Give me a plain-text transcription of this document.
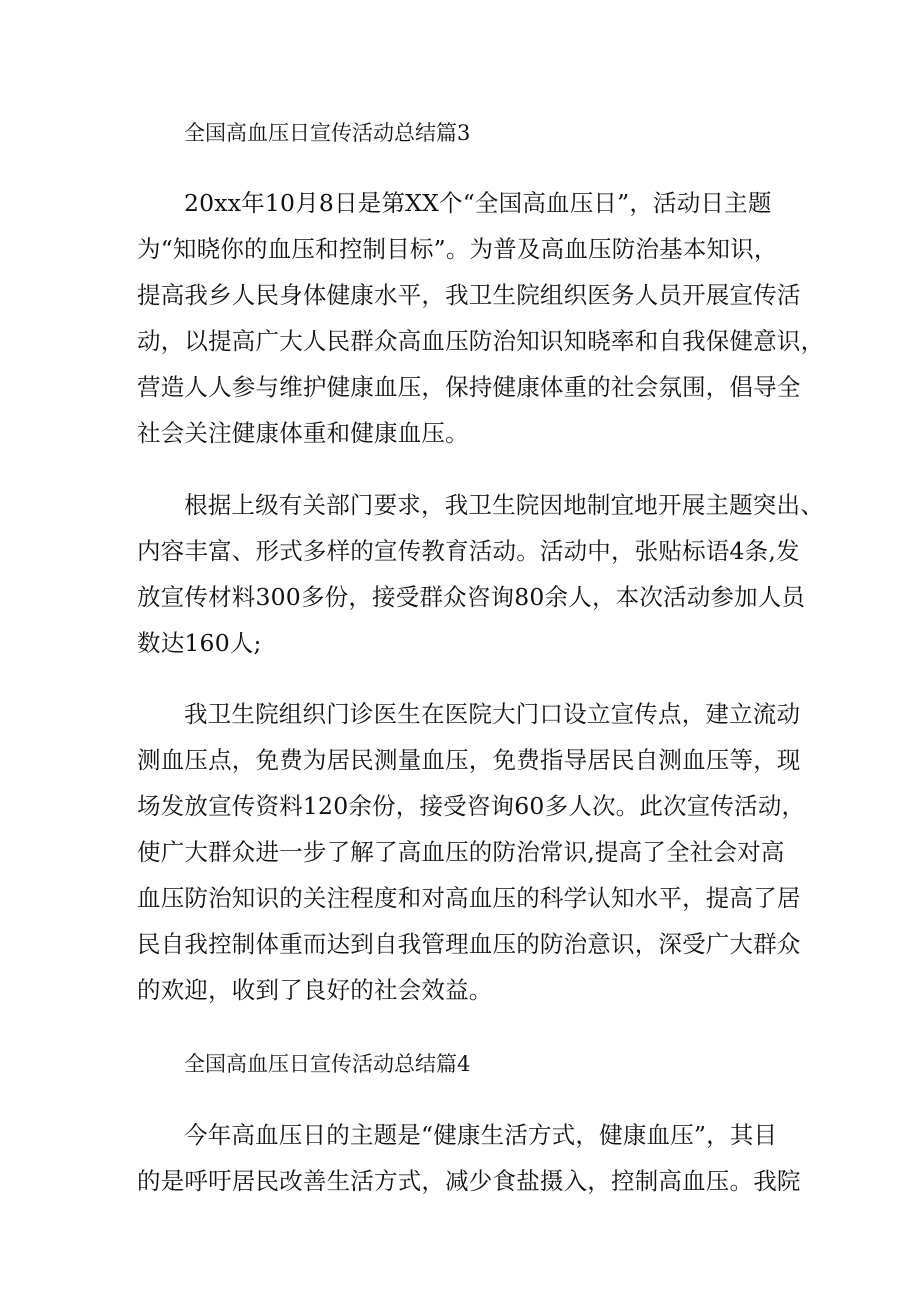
全国高血压日宣传活动总结篇3
20xx年10月8日是第XX个“全国高血压日”，活动日主题
为“知晓你的血压和控制目标”。为普及高血压防治基本知识，
提高我乡人民身体健康水平，我卫生院组织医务人员开展宣传活
动，以提高广大人民群众高血压防治知识知晓率和自我保健意识，
营造人人参与维护健康血压，保持健康体重的社会氛围，倡导全
社会关注健康体重和健康血压。
根据上级有关部门要求，我卫生院因地制宜地开展主题突出、
内容丰富、形式多样的宣传教育活动。活动中，张贴标语4条,发
放宣传材料300多份，接受群众咨询80余人，本次活动参加人员
数达160人;
我卫生院组织门诊医生在医院大门口设立宣传点，建立流动
测血压点，免费为居民测量血压，免费指导居民自测血压等，现
场发放宣传资料120余份，接受咨询60多人次。此次宣传活动，
使广大群众进一步了解了高血压的防治常识,提高了全社会对高
血压防治知识的关注程度和对高血压的科学认知水平，提高了居
民自我控制体重而达到自我管理血压的防治意识，深受广大群众
的欢迎，收到了良好的社会效益。
全国高血压日宣传活动总结篇4
今年高血压日的主题是“健康生活方式，健康血压”，其目
的是呼吁居民改善生活方式，减少食盐摄入，控制高血压。我院
